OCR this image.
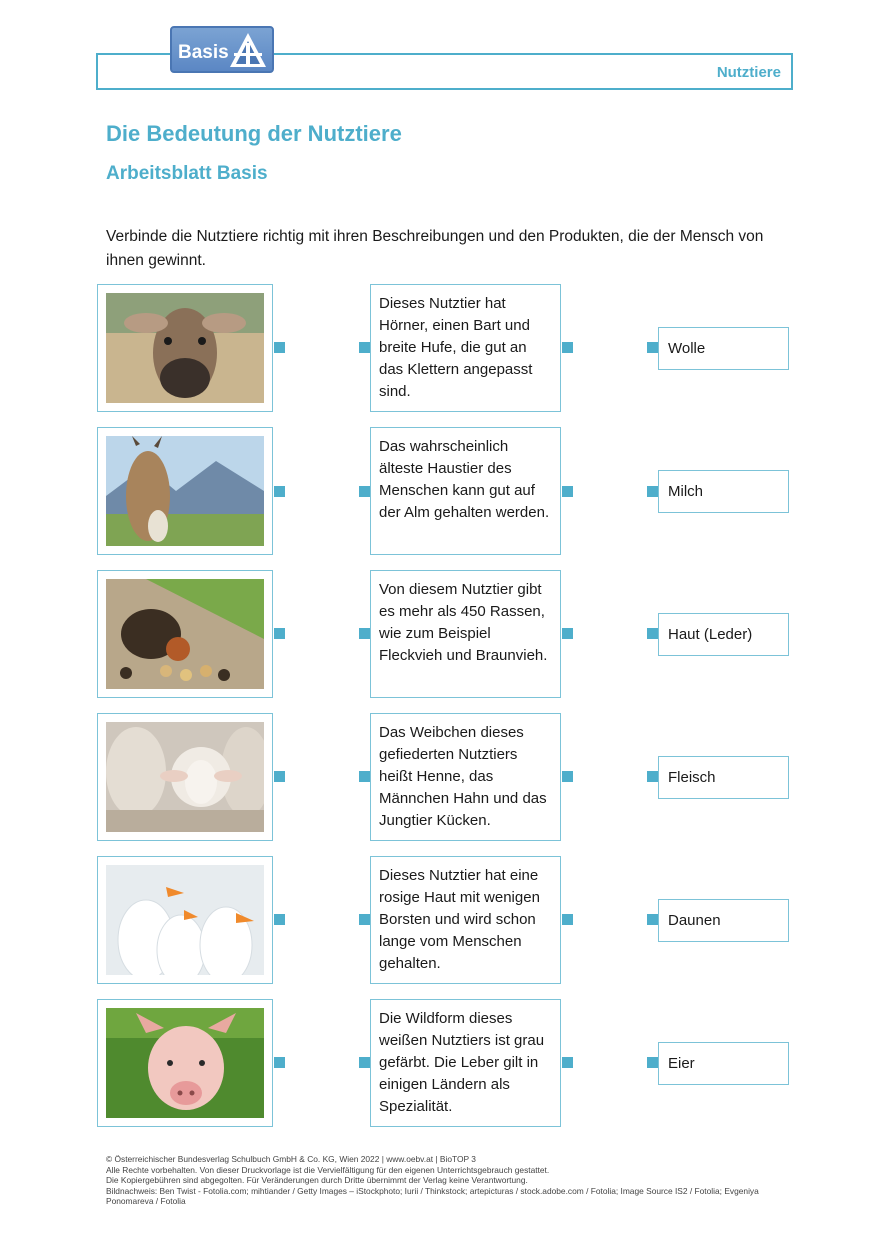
Nutztiere
Basis
Die Bedeutung der Nutztiere
Arbeitsblatt Basis
Verbinde die Nutztiere richtig mit ihren Beschreibungen und den Produkten, die der Mensch von ihnen gewinnt.
Dieses Nutztier hat Hörner, einen Bart und breite Hufe, die gut an das Klettern angepasst sind.
Wolle
Das wahrscheinlich älteste Haustier des Menschen kann gut auf der Alm gehalten werden.
Milch
Von diesem Nutztier gibt es mehr als 450 Rassen, wie zum Beispiel Fleckvieh und Braunvieh.
Haut (Leder)
Das Weibchen dieses gefiederten Nutztiers heißt Henne, das Männchen Hahn und das Jungtier Kücken.
Fleisch
Dieses Nutztier hat eine rosige Haut mit wenigen Borsten und wird schon lange vom Menschen gehalten.
Daunen
Die Wildform dieses weißen Nutztiers ist grau gefärbt. Die Leber gilt in einigen Ländern als Spezialität.
Eier
© Österreichischer Bundesverlag Schulbuch GmbH & Co. KG, Wien 2022 | www.oebv.at | BioTOP 3
Alle Rechte vorbehalten. Von dieser Druckvorlage ist die Vervielfältigung für den eigenen Unterrichtsgebrauch gestattet.
Die Kopiergebühren sind abgegolten. Für Veränderungen durch Dritte übernimmt der Verlag keine Verantwortung.
Bildnachweis: Ben Twist - Fotolia.com; mihtiander / Getty Images – iStockphoto; Iurii / Thinkstock; artepicturas / stock.adobe.com / Fotolia; Image Source IS2 / Fotolia; Evgeniya Ponomareva / Fotolia
